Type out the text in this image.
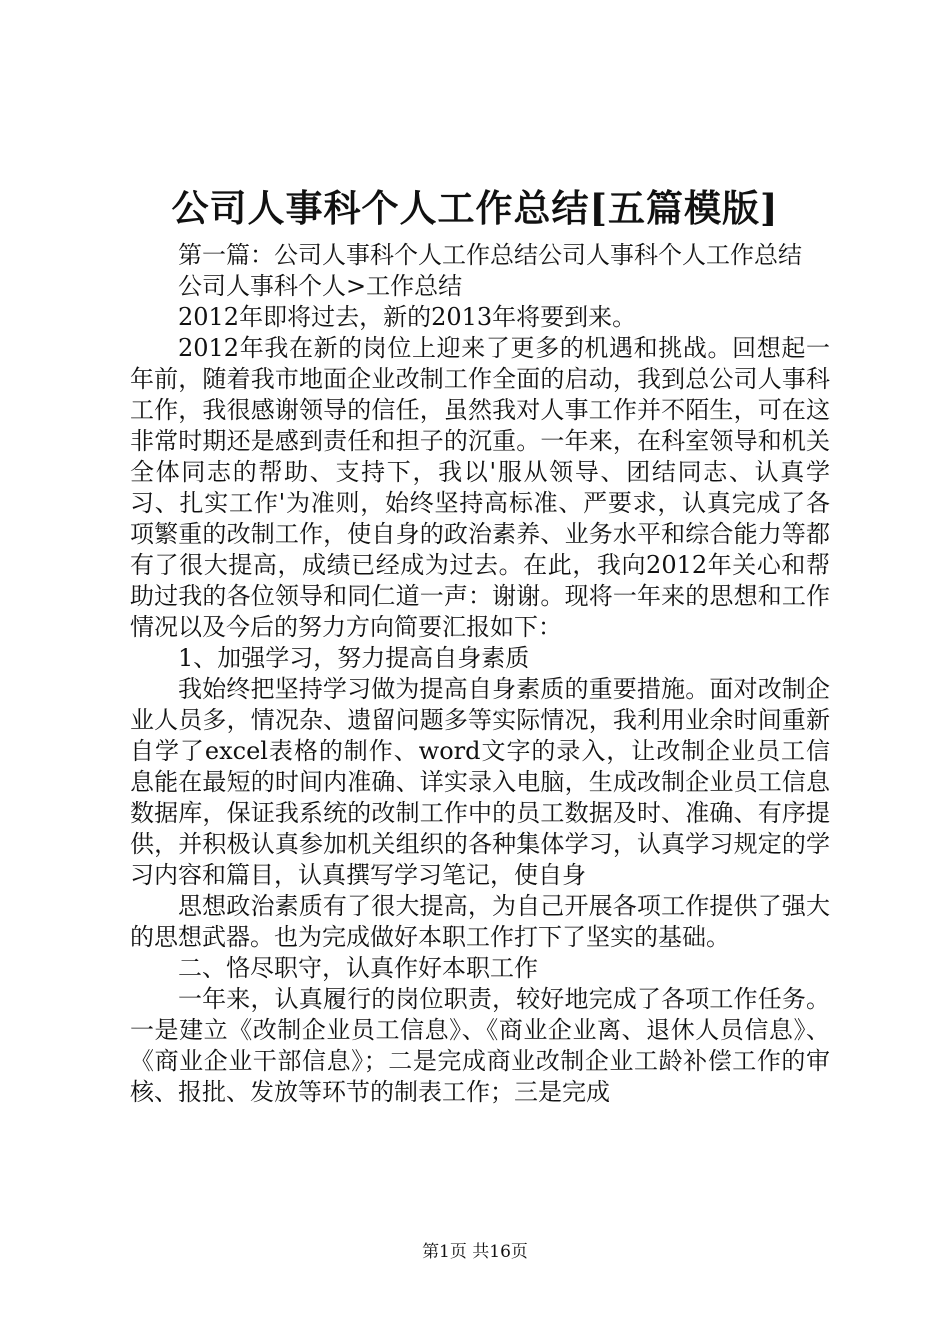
公司人事科个人工作总结[五篇模版]

第一篇：公司人事科个人工作总结公司人事科个人工作总结

公司人事科个人>工作总结

2012年即将过去，新的2013年将要到来。

2012年我在新的岗位上迎来了更多的机遇和挑战。回想起一年前，随着我市地面企业改制工作全面的启动，我到总公司人事科工作，我很感谢领导的信任，虽然我对人事工作并不陌生，可在这非常时期还是感到责任和担子的沉重。一年来，在科室领导和机关全体同志的帮助、支持下，我以'服从领导、团结同志、认真学习、扎实工作'为准则，始终坚持高标准、严要求，认真完成了各项繁重的改制工作，使自身的政治素养、业务水平和综合能力等都有了很大提高，成绩已经成为过去。在此，我向2012年关心和帮助过我的各位领导和同仁道一声：谢谢。现将一年来的思想和工作情况以及今后的努力方向简要汇报如下：

1、加强学习，努力提高自身素质

我始终把坚持学习做为提高自身素质的重要措施。面对改制企业人员多，情况杂、遗留问题多等实际情况，我利用业余时间重新自学了excel表格的制作、word文字的录入，让改制企业员工信息能在最短的时间内准确、详实录入电脑，生成改制企业员工信息数据库，保证我系统的改制工作中的员工数据及时、准确、有序提供，并积极认真参加机关组织的各种集体学习，认真学习规定的学习内容和篇目，认真撰写学习笔记，使自身

思想政治素质有了很大提高，为自己开展各项工作提供了强大的思想武器。也为完成做好本职工作打下了坚实的基础。

二、恪尽职守，认真作好本职工作

一年来，认真履行的岗位职责，较好地完成了各项工作任务。一是建立《改制企业员工信息》、《商业企业离、退休人员信息》、《商业企业干部信息》；二是完成商业改制企业工龄补偿工作的审核、报批、发放等环节的制表工作；三是完成

第1页 共16页
